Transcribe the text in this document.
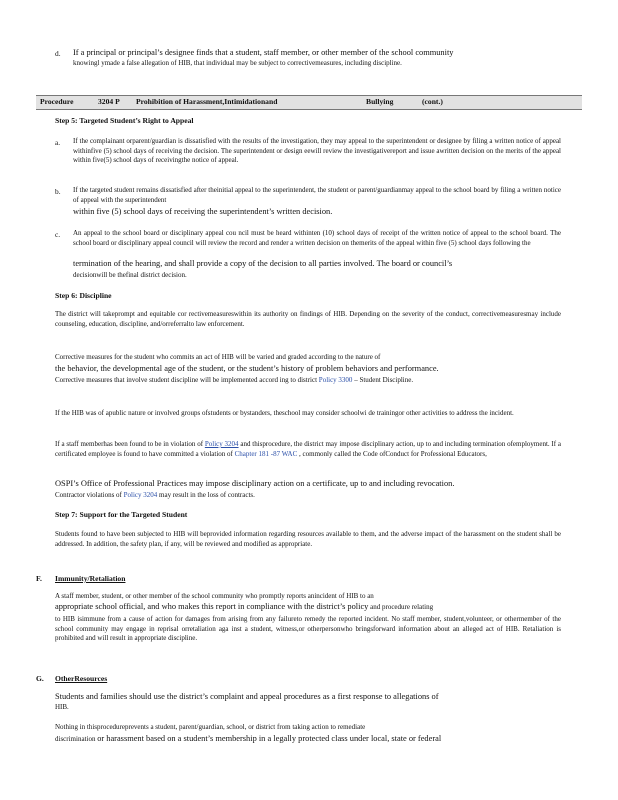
d. If a principal or principal’s designee finds that a student, staff member, or other member of the school community
knowingl ymade a false allegation of HIB, that individual may be subject to correctivemeasures, including discipline.
Procedure	3204 P Prohibition of Harassment,Intimidationand	Bullying	(cont.)
Step 5: Targeted Student’s Right to Appeal
a. If the complainant orparent/guardian is dissatisfied with the results of the investigation, they may appeal to the superintendent or designee by filing a written notice of appeal withinfive (5) school days of receiving the decision. The superintendent or design eewill review the investigativereport and issue awritten decision on the merits of the appeal within five(5) school days of receivingthe notice of appeal.
b. If the targeted student remains dissatisfied after theinitial appeal to the superintendent, the student or parent/guardianmay appeal to the school board by filing a written notice of appeal with the superintendent
within five (5) school days of receiving the superintendent’s written decision.
c. An appeal to the school board or disciplinary appeal cou ncil must be heard withinten (10) school days of receipt of the written notice of appeal to the school board. The school board or disciplinary appeal council will review the record and render a written decision on themerits of the appeal within five (5) school days following the
termination of the hearing, and shall provide a copy of the decision to all parties involved. The board or council’s
decisionwill be thefinal district decision.
Step 6: Discipline
The district will takeprompt and equitable cor rectivemeasureswithin its authority on findings of HIB. Depending on the severity of the conduct, correctivemeasuresmay include counseling, education, discipline, and/orreferralto law enforcement.
Corrective measures for the student who commits an act of HIB will be varied and graded according to the nature of
the behavior, the developmental age of the student, or the student’s history of problem behaviors and performance.
Corrective measures that involve student discipline will be implemented accord ing to district Policy 3300 – Student Discipline.
If the HIB was of apublic nature or involved groups ofstudents or bystanders, theschool may consider schoolwi de trainingor other activities to address the incident.
If a staff memberhas been found to be in violation of Policy 3204 and thisprocedure, the district may impose disciplinary action, up to and including termination ofemployment. If a certificated employee is found to have committed a violation of Chapter 181 -87 WAC , commonly called the Code ofConduct for Professional Educators,
OSPI’s Office of Professional Practices may impose disciplinary action on a certificate, up to and including revocation.
Contractor violations of Policy 3204 may result in the loss of contracts.
Step 7: Support for the Targeted Student
Students found to have been subjected to HIB will beprovided information regarding resources available to them, and the adverse impact of the harassment on the student shall be addressed. In addition, the safety plan, if any, will be reviewed and modified as appropriate.
F. Immunity/Retaliation
A staff member, student, or other member of the school community who promptly reports anincident of HIB to an
appropriate school official, and who makes this report in compliance with the district’s policy and procedure relating
to HIB isimmune from a cause of action for damages from arising from any failureto remedy the reported incident. No staff member, student,volunteer, or othermember of the school community may engage in reprisal orretaliation aga inst a student, witness,or otherpersonwho bringsforward information about an alleged act of HIB. Retaliation is prohibited and will result in appropriate discipline.
G. OtherResources
Students and families should use the district’s complaint and appeal procedures as a first response to allegations of
HIB.
Nothing in thisprocedureprevents a student, parent/guardian, school, or district from taking action to remediate
discrimination or harassment based on a student’s membership in a legally protected class under local, state or federal
